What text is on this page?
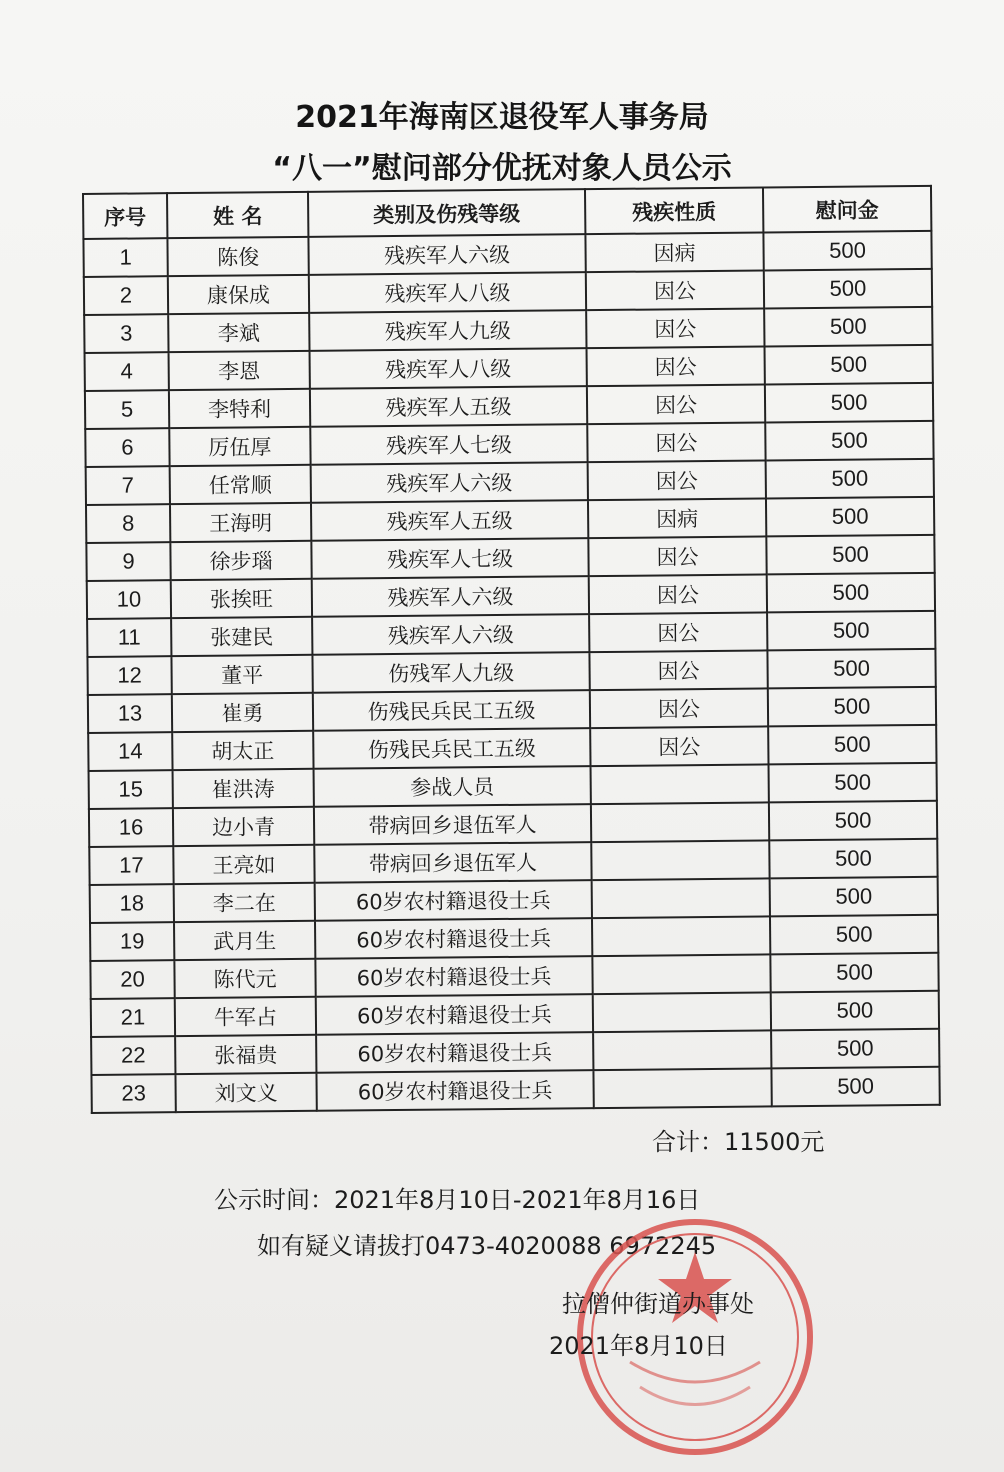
2021年海南区退役军人事务局
“八一”慰问部分优抚对象人员公示
序号	姓 名	类别及伤残等级	残疾性质	慰问金
1	陈俊	残疾军人六级	因病	500
2	康保成	残疾军人八级	因公	500
3	李斌	残疾军人九级	因公	500
4	李恩	残疾军人八级	因公	500
5	李特利	残疾军人五级	因公	500
6	厉伍厚	残疾军人七级	因公	500
7	任常顺	残疾军人六级	因公	500
8	王海明	残疾军人五级	因病	500
9	徐步瑙	残疾军人七级	因公	500
10	张挨旺	残疾军人六级	因公	500
11	张建民	残疾军人六级	因公	500
12	董平	伤残军人九级	因公	500
13	崔勇	伤残民兵民工五级	因公	500
14	胡太正	伤残民兵民工五级	因公	500
15	崔洪涛	参战人员		500
16	边小青	带病回乡退伍军人		500
17	王亮如	带病回乡退伍军人		500
18	李二在	60岁农村籍退役士兵		500
19	武月生	60岁农村籍退役士兵		500
20	陈代元	60岁农村籍退役士兵		500
21	牛军占	60岁农村籍退役士兵		500
22	张福贵	60岁农村籍退役士兵		500
23	刘文义	60岁农村籍退役士兵		500
合计：11500元
公示时间：2021年8月10日-2021年8月16日
如有疑义请拔打0473-4020088 6972245
拉僧仲街道办事处
2021年8月10日
